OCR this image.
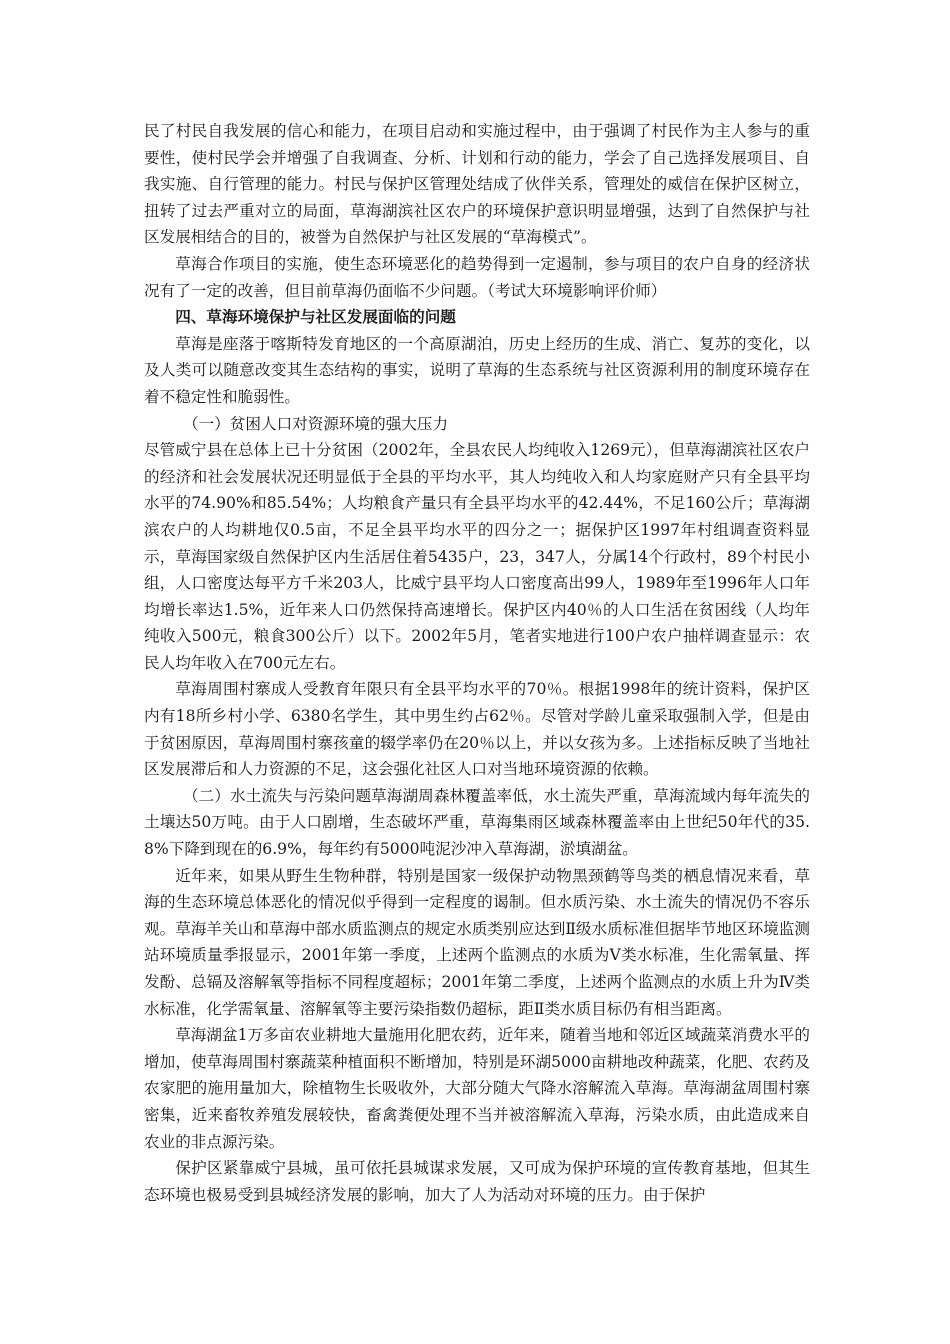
民了村民自我发展的信心和能力，在项目启动和实施过程中，由于强调了村民作为主人参与的重要性，使村民学会并增强了自我调查、分析、计划和行动的能力，学会了自己选择发展项目、自我实施、自行管理的能力。村民与保护区管理处结成了伙伴关系，管理处的威信在保护区树立，扭转了过去严重对立的局面，草海湖滨社区农户的环境保护意识明显增强，达到了自然保护与社区发展相结合的目的，被誉为自然保护与社区发展的“草海模式”。

草海合作项目的实施，使生态环境恶化的趋势得到一定遏制，参与项目的农户自身的经济状况有了一定的改善，但目前草海仍面临不少问题。（考试大环境影响评价师）

四、草海环境保护与社区发展面临的问题

草海是座落于喀斯特发育地区的一个高原湖泊，历史上经历的生成、消亡、复苏的变化，以及人类可以随意改变其生态结构的事实，说明了草海的生态系统与社区资源利用的制度环境存在着不稳定性和脆弱性。

（一）贫困人口对资源环境的强大压力

尽管威宁县在总体上已十分贫困（2002年，全县农民人均纯收入1269元），但草海湖滨社区农户的经济和社会发展状况还明显低于全县的平均水平，其人均纯收入和人均家庭财产只有全县平均水平的74.90%和85.54%；人均粮食产量只有全县平均水平的42.44%，不足160公斤；草海湖滨农户的人均耕地仅0.5亩，不足全县平均水平的四分之一；据保护区1997年村组调查资料显示，草海国家级自然保护区内生活居住着5435户，23，347人，分属14个行政村，89个村民小组，人口密度达每平方千米203人，比威宁县平均人口密度高出99人，1989年至1996年人口年均增长率达1.5%，近年来人口仍然保持高速增长。保护区内40％的人口生活在贫困线（人均年纯收入500元，粮食300公斤）以下。2002年5月，笔者实地进行100户农户抽样调查显示：农民人均年收入在700元左右。

草海周围村寨成人受教育年限只有全县平均水平的70％。根据1998年的统计资料，保护区内有18所乡村小学、6380名学生，其中男生约占62％。尽管对学龄儿童采取强制入学，但是由于贫困原因，草海周围村寨孩童的辍学率仍在20％以上，并以女孩为多。上述指标反映了当地社区发展滞后和人力资源的不足，这会强化社区人口对当地环境资源的依赖。

（二）水土流失与污染问题草海湖周森林覆盖率低，水土流失严重，草海流域内每年流失的土壤达50万吨。由于人口剧增，生态破坏严重，草海集雨区域森林覆盖率由上世纪50年代的35.8%下降到现在的6.9%，每年约有5000吨泥沙冲入草海湖，淤填湖盆。

近年来，如果从野生生物种群，特别是国家一级保护动物黑颈鹤等鸟类的栖息情况来看，草海的生态环境总体恶化的情况似乎得到一定程度的谒制。但水质污染、水土流失的情况仍不容乐观。草海羊关山和草海中部水质监测点的规定水质类别应达到Ⅱ级水质标准但据毕节地区环境监测站环境质量季报显示，2001年第一季度，上述两个监测点的水质为Ⅴ类水标准，生化需氧量、挥发酚、总镉及溶解氧等指标不同程度超标；2001年第二季度，上述两个监测点的水质上升为Ⅳ类水标准，化学需氧量、溶解氧等主要污染指数仍超标，距Ⅱ类水质目标仍有相当距离。

草海湖盆1万多亩农业耕地大量施用化肥农药，近年来，随着当地和邻近区域蔬菜消费水平的增加，使草海周围村寨蔬菜种植面积不断增加，特别是环湖5000亩耕地改种蔬菜，化肥、农药及农家肥的施用量加大，除植物生长吸收外，大部分随大气降水溶解流入草海。草海湖盆周围村寨密集，近来畜牧养殖发展较快，畜禽粪便处理不当并被溶解流入草海，污染水质，由此造成来自农业的非点源污染。

保护区紧靠威宁县城，虽可依托县城谋求发展，又可成为保护环境的宣传教育基地，但其生态环境也极易受到县城经济发展的影响，加大了人为活动对环境的压力。由于保护
